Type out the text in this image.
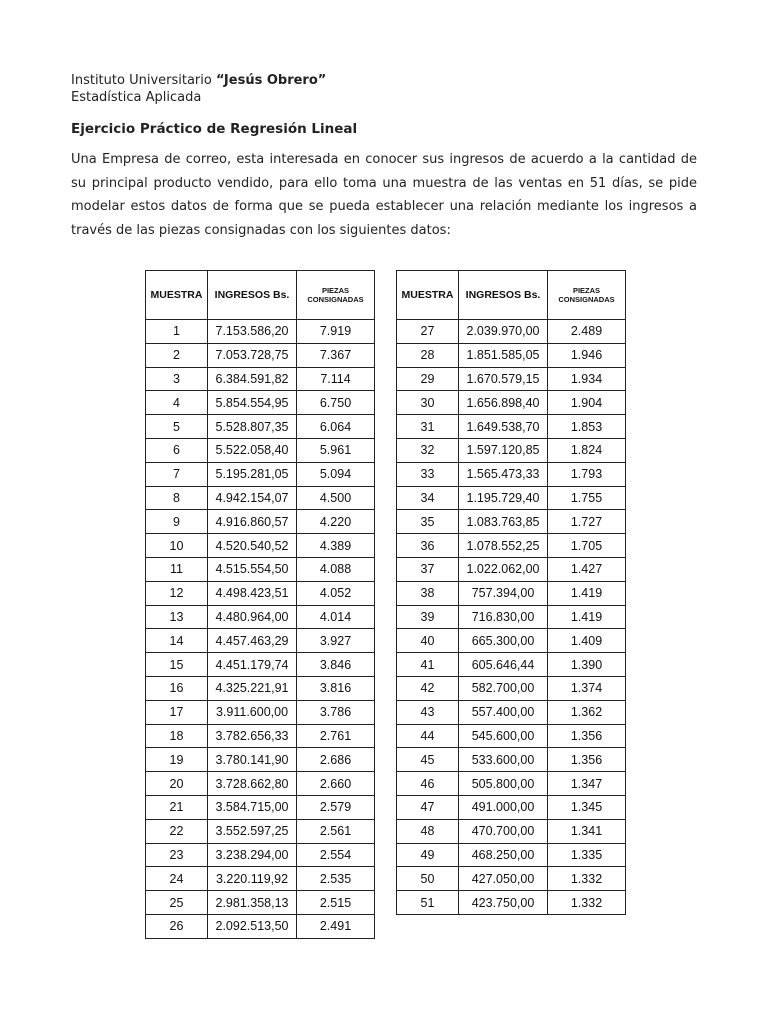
Instituto Universitario “Jesús Obrero”
Estadística Aplicada
Ejercicio Práctico de Regresión Lineal
Una Empresa de correo, esta interesada en conocer sus ingresos de acuerdo a la cantidad de su principal producto vendido, para ello toma una muestra de las ventas en 51 días, se pide modelar estos datos de forma que se pueda establecer una relación mediante los ingresos a través de las piezas consignadas con los siguientes datos:
MUESTRA	INGRESOS Bs.	PIEZAS CONSIGNADAS
1	7.153.586,20	7.919
2	7.053.728,75	7.367
3	6.384.591,82	7.114
4	5.854.554,95	6.750
5	5.528.807,35	6.064
6	5.522.058,40	5.961
7	5.195.281,05	5.094
8	4.942.154,07	4.500
9	4.916.860,57	4.220
10	4.520.540,52	4.389
11	4.515.554,50	4.088
12	4.498.423,51	4.052
13	4.480.964,00	4.014
14	4.457.463,29	3.927
15	4.451.179,74	3.846
16	4.325.221,91	3.816
17	3.911.600,00	3.786
18	3.782.656,33	2.761
19	3.780.141,90	2.686
20	3.728.662,80	2.660
21	3.584.715,00	2.579
22	3.552.597,25	2.561
23	3.238.294,00	2.554
24	3.220.119,92	2.535
25	2.981.358,13	2.515
26	2.092.513,50	2.491
MUESTRA	INGRESOS Bs.	PIEZAS CONSIGNADAS
27	2.039.970,00	2.489
28	1.851.585,05	1.946
29	1.670.579,15	1.934
30	1.656.898,40	1.904
31	1.649.538,70	1.853
32	1.597.120,85	1.824
33	1.565.473,33	1.793
34	1.195.729,40	1.755
35	1.083.763,85	1.727
36	1.078.552,25	1.705
37	1.022.062,00	1.427
38	757.394,00	1.419
39	716.830,00	1.419
40	665.300,00	1.409
41	605.646,44	1.390
42	582.700,00	1.374
43	557.400,00	1.362
44	545.600,00	1.356
45	533.600,00	1.356
46	505.800,00	1.347
47	491.000,00	1.345
48	470.700,00	1.341
49	468.250,00	1.335
50	427.050,00	1.332
51	423.750,00	1.332
